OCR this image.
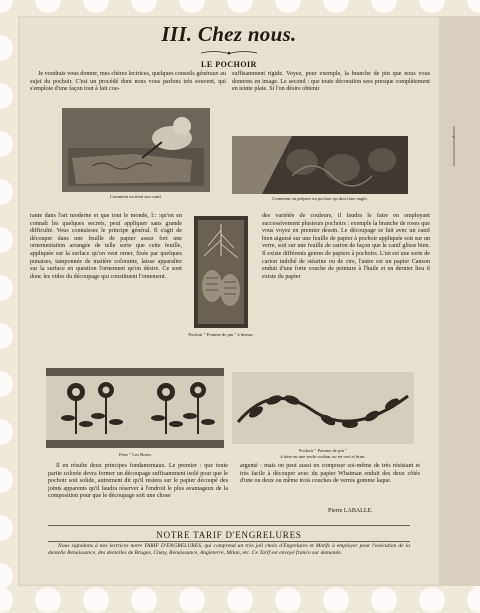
III. Chez nous.
LE POCHOIR

Je voudrais vous donner, mes chères lectrices, quelques conseils généraux au sujet du pochoir. C'est un procédé dont nous vous parlons très souvent, qui s'emploie d'une façon tout à fait cou-

suffisamment rigide. Voyez, pour exemple, la branche de pin que nous vous donnons en image. Le second : que toute décoration sera presque complètement en teinte plate. Si l'on désire obtenir

Comment on tient son canif.	Comment on prépare un pochoir qu doit faire angle.

rante dans l'art moderne et que tout le monde, l:: :qu'on en connaît les quelques secrets, peut appliquer sans grande difficulté. Vous connaissez le principe général. Il s'agit de découper dans une feuille de papier assez fort une ornementation arrangée de telle sorte que cette feuille, appliquée sur la surface qu'on veut orner, fixée par quelques punaises, tamponnée de matière colorante, laisse apparaître sur la surface en question l'ornement qu'on désire. Ce sont donc les vides du découpage qui constituent l'ornement.

Pochoir " Pomme de pin " à biseau.

des variétés de couleurs, il faudra le faire en employant successivement plusieurs pochoirs : exemple la branche de roses que vous voyez en premier dessin. Le découpage se fait avec un canif bien aiguisé sur une feuille de papier à pochoir appliquée soit sur un verre, soit sur une feuille de carton de façon que le canif glisse bien. Il existe différents genres de papiers à pochoirs. L'un est une sorte de carton imbibé de stéarine ou de cire, l'autre est un papier Canson enduit d'une forte couche de peinture à l'huile et en dernier lieu il existe du papier

Frise " Les Roses
Pochoir " Pomme de pin "
à faire en une seule couleur ou en vert et brun.

Il en résulte deux principes fondamentaux. Le premier : que toute partie colorée devra former un découpage suffisamment isolé pour que le pochoir soit solide, autrement dit qu'il restera sur le papier découpé des joints apparents qu'il faudra réserver à l'endroit le plus avantageux de la composition pour que le découpage soit une chose

argenté : mais on peut aussi en composer soi-même de très résistant et très facile à découper avec du papier Whatman enduit des deux côtés d'une ou deux ou même trois couches de vernis gomme laque.

Pierre LABALLE.
NOTRE TARIF D'ENGRELURES

Nous signalons à nos lectrices notre TARIF D'ENGRELURES, qui comprend un très joli choix d'Engrelures et Motifs à employer pour l'exécution de la dentelle Renaissance, des dentelles de Bruges, Cluny, Renaissance, Angleterre, Milan, etc. Ce Tarif est envoyé franco sur demande.
